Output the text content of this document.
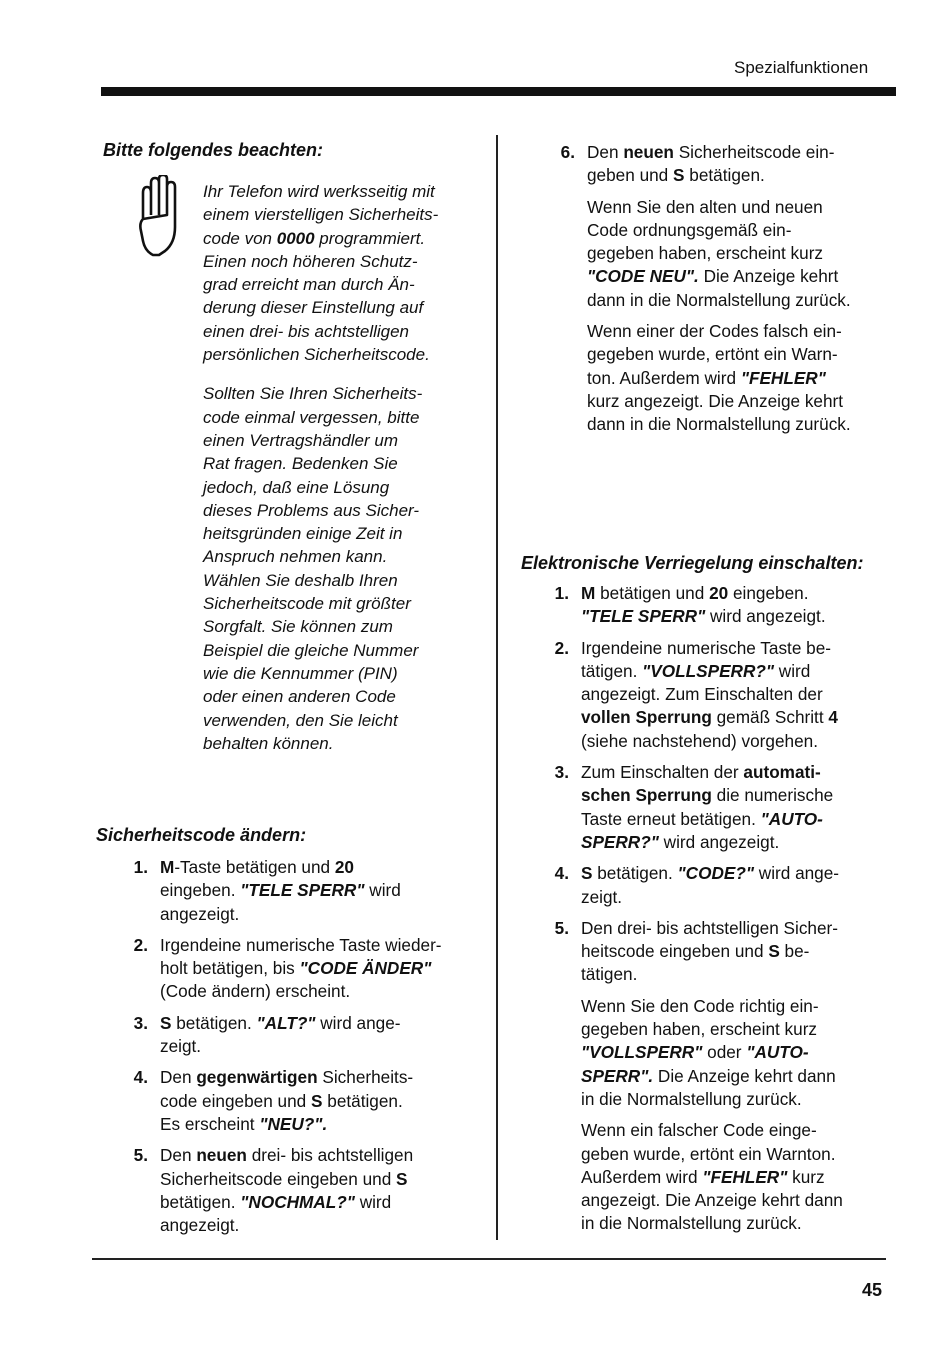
Spezialfunktionen
45
Bitte folgendes beachten:

Ihr Telefon wird werksseitig mit
einem vierstelligen Sicherheits-
code von 0000 programmiert.
Einen noch höheren Schutz-
grad erreicht man durch Än-
derung dieser Einstellung auf
einen drei- bis achtstelligen
persönlichen Sicherheitscode.

Sollten Sie Ihren Sicherheits-
code einmal vergessen, bitte
einen Vertragshändler um
Rat fragen. Bedenken Sie
jedoch, daß eine Lösung
dieses Problems aus Sicher-
heitsgründen einige Zeit in
Anspruch nehmen kann.
Wählen Sie deshalb Ihren
Sicherheitscode mit größter
Sorgfalt. Sie können zum
Beispiel die gleiche Nummer
wie die Kennummer (PIN)
oder einen anderen Code
verwenden, den Sie leicht
behalten können.

Sicherheitscode ändern:
1. M-Taste betätigen und 20
eingeben. "TELE SPERR" wird
angezeigt.
2. Irgendeine numerische Taste wieder-
holt betätigen, bis "CODE ÄNDER"
(Code ändern) erscheint.
3. S betätigen. "ALT?" wird ange-
zeigt.
4. Den gegenwärtigen Sicherheits-
code eingeben und S betätigen.
Es erscheint "NEU?".
5. Den neuen drei- bis achtstelligen
Sicherheitscode eingeben und S
betätigen. "NOCHMAL?" wird
angezeigt.
6. Den neuen Sicherheitscode ein-
geben und S betätigen.
Wenn Sie den alten und neuen
Code ordnungsgemäß ein-
gegeben haben, erscheint kurz
"CODE NEU". Die Anzeige kehrt
dann in die Normalstellung zurück.
Wenn einer der Codes falsch ein-
gegeben wurde, ertönt ein Warn-
ton. Außerdem wird "FEHLER"
kurz angezeigt. Die Anzeige kehrt
dann in die Normalstellung zurück.
Elektronische Verriegelung einschalten:
1. M betätigen und 20 eingeben.
"TELE SPERR" wird angezeigt.
2. Irgendeine numerische Taste be-
tätigen. "VOLLSPERR?" wird
angezeigt. Zum Einschalten der
vollen Sperrung gemäß Schritt 4
(siehe nachstehend) vorgehen.
3. Zum Einschalten der automati-
schen Sperrung die numerische
Taste erneut betätigen. "AUTO-
SPERR?" wird angezeigt.
4. S betätigen. "CODE?" wird ange-
zeigt.
5. Den drei- bis achtstelligen Sicher-
heitscode eingeben und S be-
tätigen.
Wenn Sie den Code richtig ein-
gegeben haben, erscheint kurz
"VOLLSPERR" oder "AUTO-
SPERR". Die Anzeige kehrt dann
in die Normalstellung zurück.
Wenn ein falscher Code einge-
geben wurde, ertönt ein Warnton.
Außerdem wird "FEHLER" kurz
angezeigt. Die Anzeige kehrt dann
in die Normalstellung zurück.
